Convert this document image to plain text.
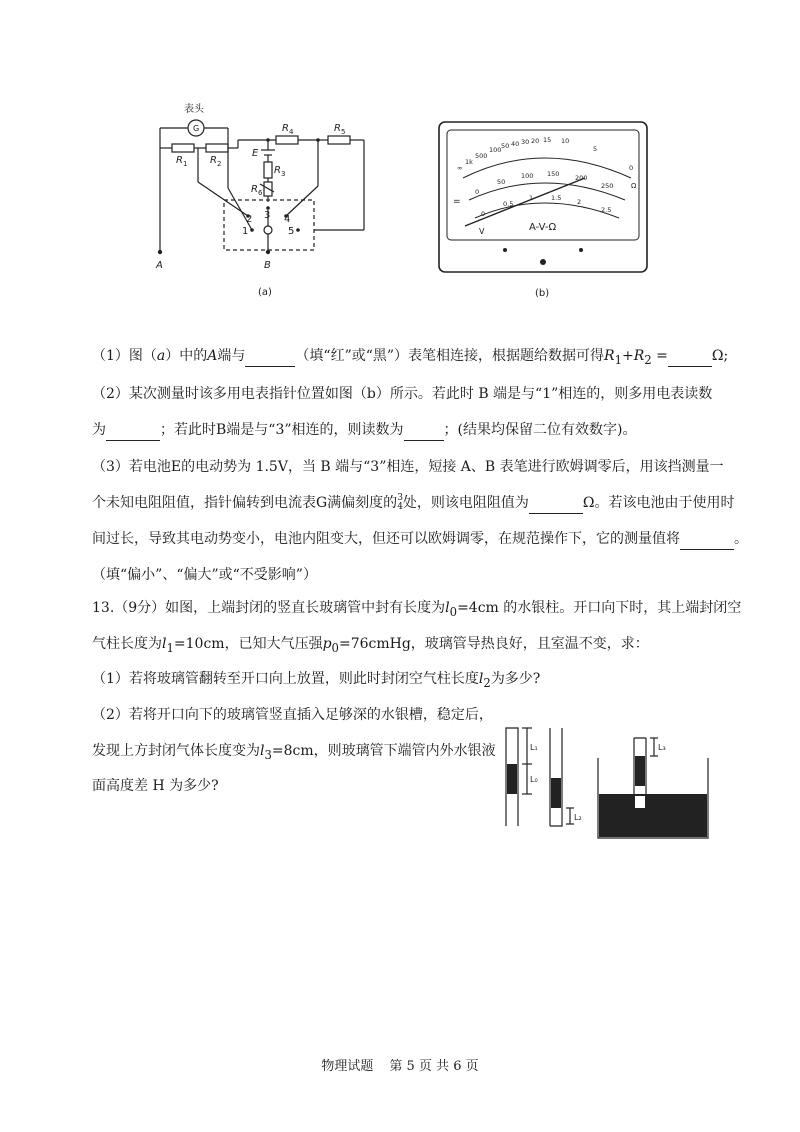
表头
G
R 1 R 2
R 4	R 5
E
R 3
R 6
1
2 3 4
5
A	B
(a)
∞
1k
500
100 50 40 30 20 15 10
5
0
0
50
100 150 200
250
0
0.5
1	1.5 2
2.5
=
Ω
A-V-Ω
V
(b)
（1）图（a）中的A端与	（填“红”或“黑”）表笔相连接，根据题给数据可得$R_1+R_2$ =	Ω;
（2）某次测量时该多用电表指针位置如图（b）所示。若此时 B 端是与“1”相连的，则多用电表读数
为	；若此时B端是与“3”相连的，则读数为	；(结果均保留二位有效数字)。
（3）若电池E的电动势为 1.5V，当 B 端与“3”相连，短接 A、B 表笔进行欧姆调零后，用该挡测量一
个未知电阻阻值，指针偏转到电流表G满偏刻度的3
4处，则该电阻阻值为	Ω。若该电池由于使用时
间过长，导致其电动势变小，电池内阻变大，但还可以欧姆调零，在规范操作下，它的测量值将	。
（填“偏小”、“偏大”或“不受影响”）
13.（9分）如图，上端封闭的竖直长玻璃管中封有长度为$l_0=4cm$ 的水银柱。开口向下时，其上端封闭空
气柱长度为$l_1=10cm$，已知大气压强$p_0=76cmHg$，玻璃管导热良好，且室温不变，求：
（1）若将玻璃管翻转至开口向上放置，则此时封闭空气柱长度$l_2$为多少?
（2）若将开口向下的玻璃管竖直插入足够深的水银槽，稳定后，
发现上方封闭气体长度变为$l_3=8cm$，则玻璃管下端管内外水银液
面高度差 H 为多少?
L₁
L₀
L₂
L₃
物理试题 第 5 页 共 6 页
